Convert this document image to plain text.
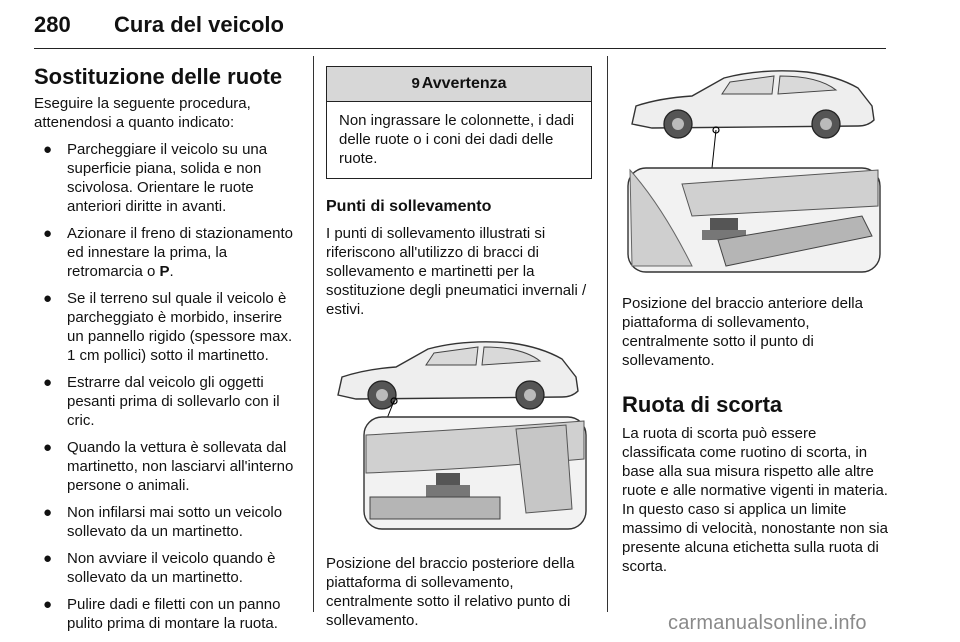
280 Cura del veicolo
Sostituzione delle ruote

Eseguire la seguente procedura, attenendosi a quanto indicato:

● Parcheggiare il veicolo su una superficie piana, solida e non scivolosa. Orientare le ruote anteriori diritte in avanti.
● Azionare il freno di stazionamento ed innestare la prima, la retromarcia o P.
● Se il terreno sul quale il veicolo è parcheggiato è morbido, inserire un pannello rigido (spessore max. 1 cm pollici) sotto il martinetto.
● Estrarre dal veicolo gli oggetti pesanti prima di sollevarlo con il cric.
● Quando la vettura è sollevata dal martinetto, non lasciarvi all'interno persone o animali.
● Non infilarsi mai sotto un veicolo sollevato da un martinetto.
● Non avviare il veicolo quando è sollevato da un martinetto.
● Pulire dadi e filetti con un panno pulito prima di montare la ruota.
9 Avvertenza
Non ingrassare le colonnette, i dadi delle ruote o i coni dei dadi delle ruote.
Punti di sollevamento

I punti di sollevamento illustrati si riferiscono all'utilizzo di bracci di sollevamento e martinetti per la sostituzione degli pneumatici invernali / estivi.

Posizione del braccio posteriore della piattaforma di sollevamento, centralmente sotto il relativo punto di sollevamento.

Posizione del braccio anteriore della piattaforma di sollevamento, centralmente sotto il punto di sollevamento.

Ruota di scorta

La ruota di scorta può essere classificata come ruotino di scorta, in base alla sua misura rispetto alle altre ruote e alle normative vigenti in materia. In questo caso si applica un limite massimo di velocità, nonostante non sia presente alcuna etichetta sulla ruota di scorta.

carmanualsonline.info
